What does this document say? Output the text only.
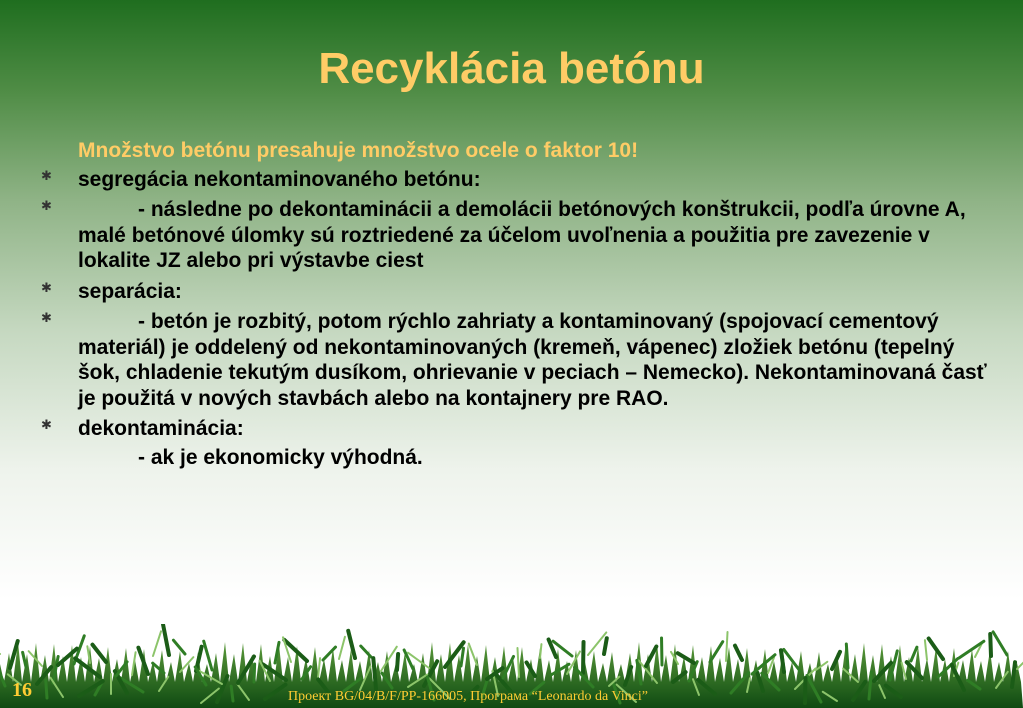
Recyklácia betónu
Množstvo betónu presahuje množstvo ocele o faktor 10!
✱ segregácia nekontaminovaného betónu:
✱	- následne po dekontaminácii a demolácii betónových konštrukcii, podľa úrovne A, malé betónové úlomky sú roztriedené za účelom uvoľnenia a použitia pre zavezenie v lokalite JZ alebo pri výstavbe ciest
✱ separácia:
✱	- betón je rozbitý, potom rýchlo zahriaty a kontaminovaný (spojovací cementový materiál) je oddelený od nekontaminovaných (kremeň, vápenec) zložiek betónu (tepelný šok, chladenie tekutým dusíkom, ohrievanie v peciach – Nemecko). Nekontaminovaná časť je použitá v nových stavbách alebo na kontajnery pre RAO.
✱ dekontaminácia:
- ak je ekonomicky výhodná.
16	Проект BG/04/B/F/PP-166005, Програма “Leonardo da Vinci”
